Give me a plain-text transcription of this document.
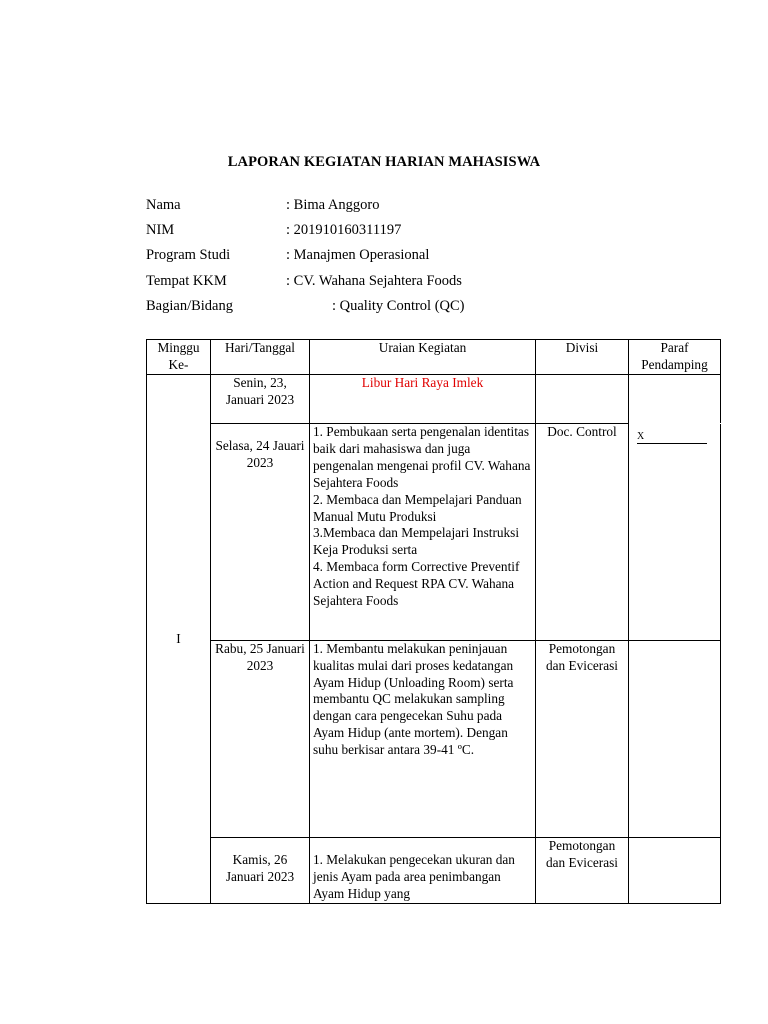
LAPORAN KEGIATAN HARIAN MAHASISWA
Nama	: Bima Anggoro
NIM	: 201910160311197
Program Studi	: Manajmen Operasional
Tempat KKM	: CV. Wahana Sejahtera Foods
Bagian/Bidang	: Quality Control (QC)
Minggu Ke-	Hari/Tanggal	Uraian Kegiatan	Divisi	Paraf Pendamping
I	Senin, 23, Januari 2023	Libur Hari Raya Imlek		X

	Selasa, 24 Jauari 2023	1. Pembukaan serta pengenalan identitas baik dari mahasiswa dan juga pengenalan mengenai profil CV. Wahana Sejahtera Foods
2. Membaca dan Mempelajari Panduan Manual Mutu Produksi
3.Membaca dan Mempelajari Instruksi Keja Produksi serta
4. Membaca form Corrective Preventif Action and Request RPA CV. Wahana Sejahtera Foods	Doc. Control	
	Rabu, 25 Januari 2023	1. Membantu melakukan peninjauan kualitas mulai dari proses kedatangan Ayam Hidup (Unloading Room) serta membantu QC melakukan sampling dengan cara pengecekan Suhu pada Ayam Hidup (ante mortem). Dengan suhu berkisar antara 39-41 ºC.	Pemotongan dan Evicerasi	
	Kamis, 26 Januari 2023	1. Melakukan pengecekan ukuran dan jenis Ayam pada area penimbangan Ayam Hidup yang	Pemotongan dan Evicerasi	
